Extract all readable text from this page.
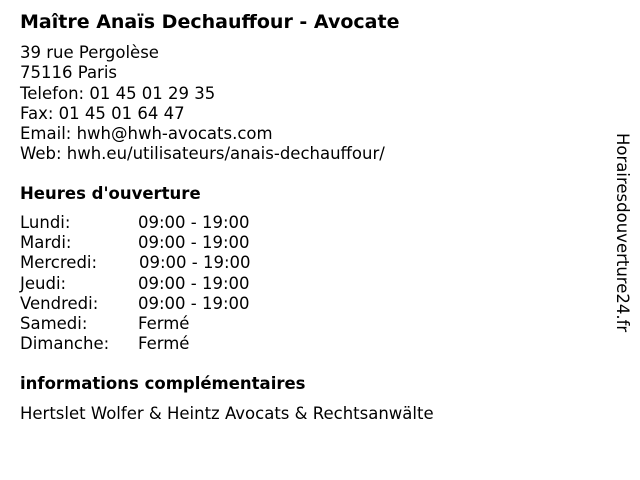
Maître Anaïs Dechauffour - Avocate
39 rue Pergolèse
75116 Paris
Telefon: 01 45 01 29 35
Fax: 01 45 01 64 47
Email: hwh@hwh-avocats.com
Web: hwh.eu/utilisateurs/anais-dechauffour/
Heures d'ouverture
Lundi:	09:00 - 19:00
Mardi:	09:00 - 19:00
Mercredi:	09:00 - 19:00
Jeudi:	09:00 - 19:00
Vendredi: 09:00 - 19:00
Samedi:	Fermé
Dimanche: Fermé
informations complémentaires
Hertslet Wolfer & Heintz Avocats & Rechtsanwälte
Horairesdouverture24.fr
